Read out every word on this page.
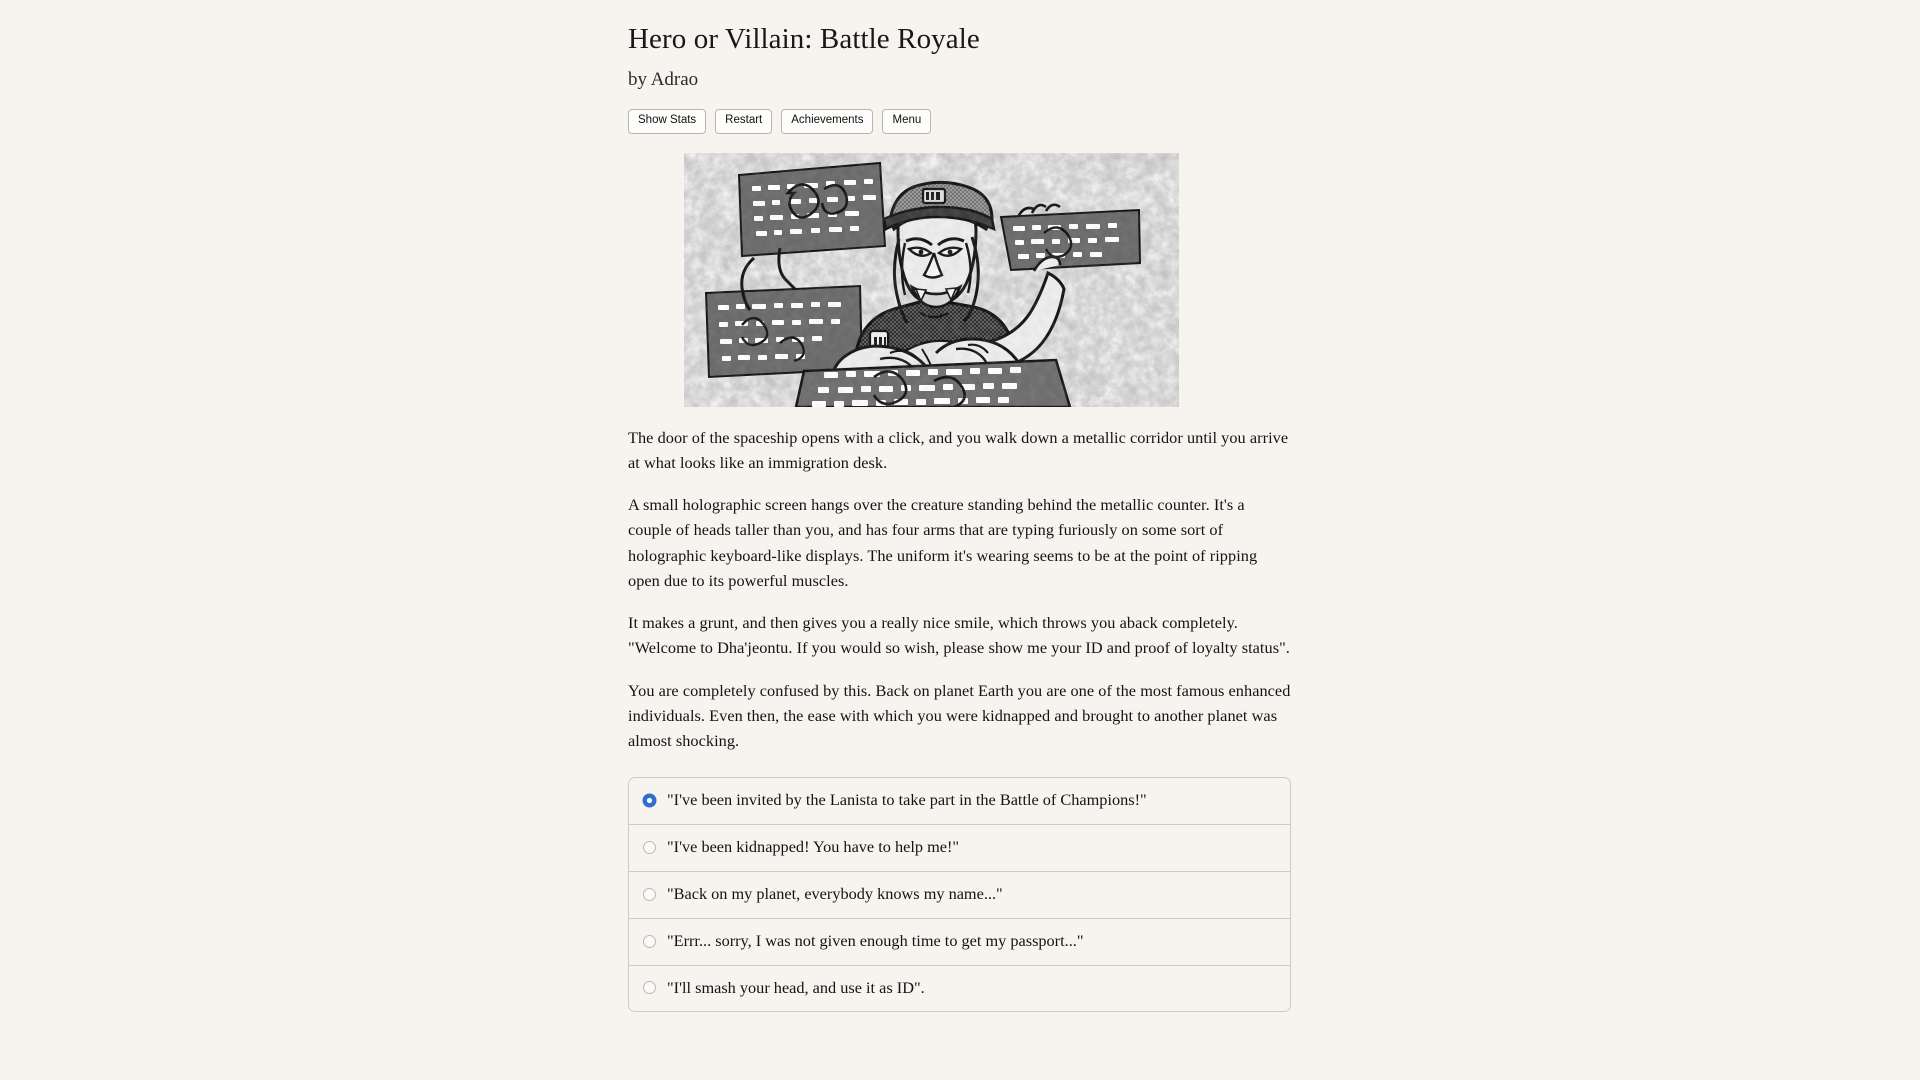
Hero or Villain: Battle Royale
by Adrao
Show Stats	Restart	Achievements	Menu

The door of the spaceship opens with a click, and you walk down a metallic corridor until you arrive at what looks like an immigration desk.

A small holographic screen hangs over the creature standing behind the metallic counter. It's a couple of heads taller than you, and has four arms that are typing furiously on some sort of holographic keyboard-like displays. The uniform it's wearing seems to be at the point of ripping open due to its powerful muscles.

It makes a grunt, and then gives you a really nice smile, which throws you aback completely. "Welcome to Dha'jeontu. If you would so wish, please show me your ID and proof of loyalty status".

You are completely confused by this. Back on planet Earth you are one of the most famous enhanced individuals. Even then, the ease with which you were kidnapped and brought to another planet was almost shocking.

"I've been invited by the Lanista to take part in the Battle of Champions!"
"I've been kidnapped! You have to help me!"
"Back on my planet, everybody knows my name..."
"Errr... sorry, I was not given enough time to get my passport..."
"I'll smash your head, and use it as ID".
